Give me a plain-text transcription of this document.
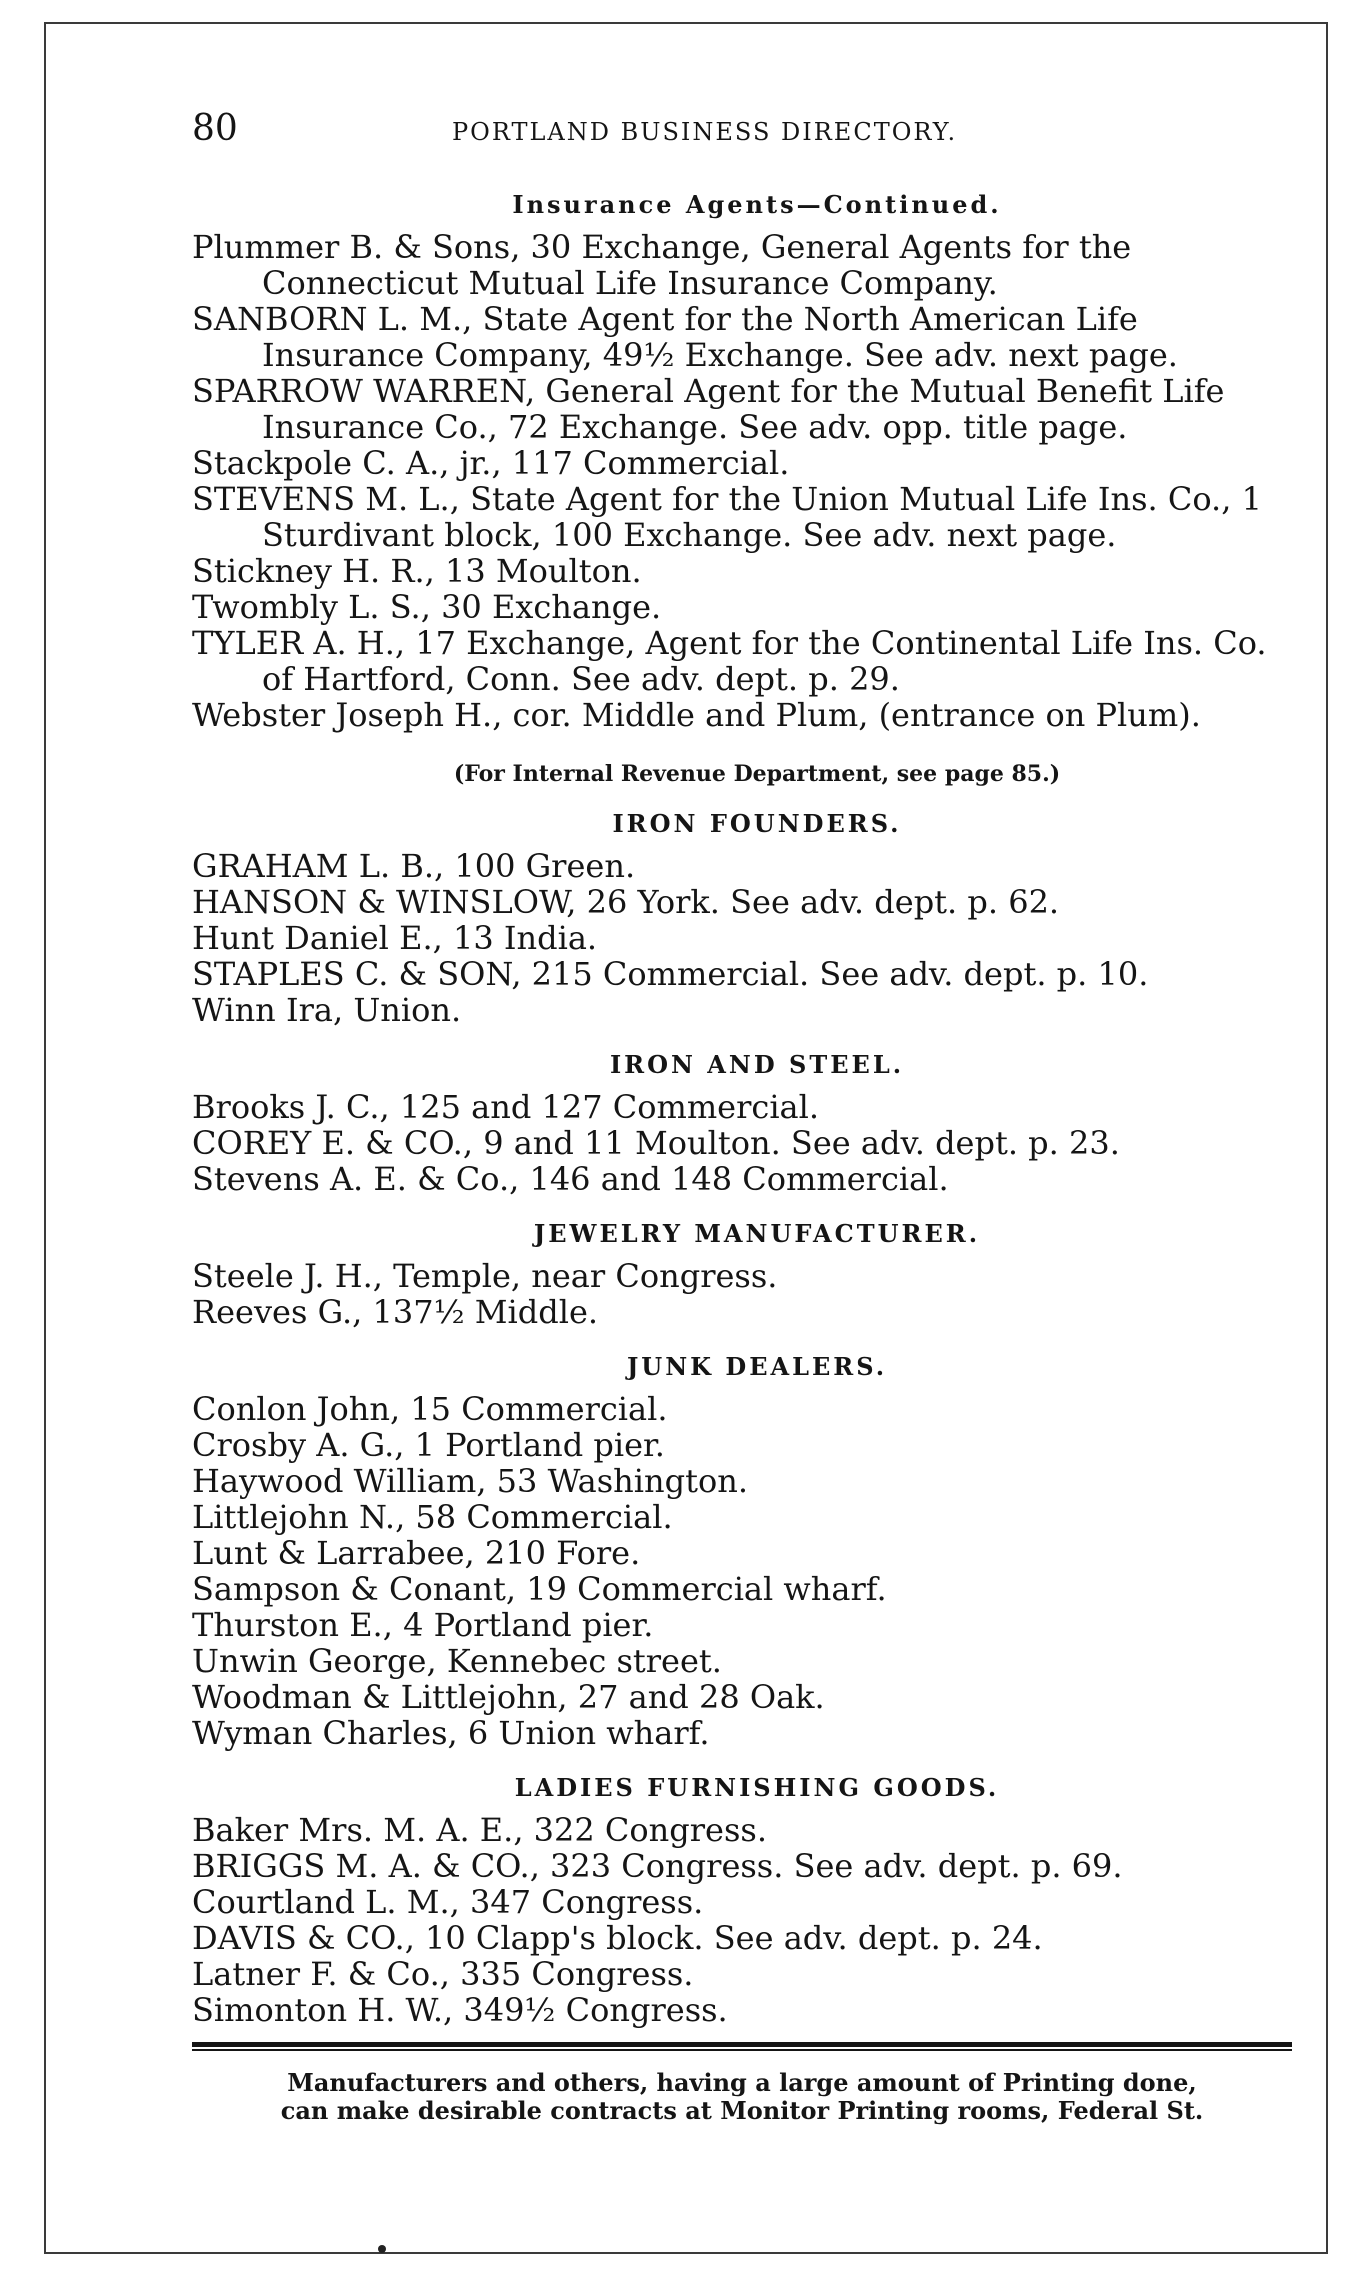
80	PORTLAND BUSINESS DIRECTORY.
Insurance Agents—Continued.

Plummer B. & Sons, 30 Exchange, General Agents for the Connecticut Mutual Life Insurance Company.

SANBORN L. M., State Agent for the North American Life Insurance Company, 49½ Exchange. See adv. next page.

SPARROW WARREN, General Agent for the Mutual Benefit Life Insurance Co., 72 Exchange. See adv. opp. title page.

Stackpole C. A., jr., 117 Commercial.

STEVENS M. L., State Agent for the Union Mutual Life Ins. Co., 1 Sturdivant block, 100 Exchange. See adv. next page.

Stickney H. R., 13 Moulton.

Twombly L. S., 30 Exchange.

TYLER A. H., 17 Exchange, Agent for the Continental Life Ins. Co. of Hartford, Conn. See adv. dept. p. 29.

Webster Joseph H., cor. Middle and Plum, (entrance on Plum).

(For Internal Revenue Department, see page 85.)
IRON FOUNDERS.

GRAHAM L. B., 100 Green.

HANSON & WINSLOW, 26 York. See adv. dept. p. 62.

Hunt Daniel E., 13 India.

STAPLES C. & SON, 215 Commercial. See adv. dept. p. 10.

Winn Ira, Union.

IRON AND STEEL.

Brooks J. C., 125 and 127 Commercial.

COREY E. & CO., 9 and 11 Moulton. See adv. dept. p. 23.

Stevens A. E. & Co., 146 and 148 Commercial.

JEWELRY MANUFACTURER.

Steele J. H., Temple, near Congress.

Reeves G., 137½ Middle.

JUNK DEALERS.

Conlon John, 15 Commercial.

Crosby A. G., 1 Portland pier.

Haywood William, 53 Washington.

Littlejohn N., 58 Commercial.

Lunt & Larrabee, 210 Fore.

Sampson & Conant, 19 Commercial wharf.

Thurston E., 4 Portland pier.

Unwin George, Kennebec street.

Woodman & Littlejohn, 27 and 28 Oak.

Wyman Charles, 6 Union wharf.

LADIES FURNISHING GOODS.

Baker Mrs. M. A. E., 322 Congress.

BRIGGS M. A. & CO., 323 Congress. See adv. dept. p. 69.

Courtland L. M., 347 Congress.

DAVIS & CO., 10 Clapp's block. See adv. dept. p. 24.

Latner F. & Co., 335 Congress.

Simonton H. W., 349½ Congress.

Manufacturers and others, having a large amount of Printing done,
can make desirable contracts at Monitor Printing rooms, Federal St.
